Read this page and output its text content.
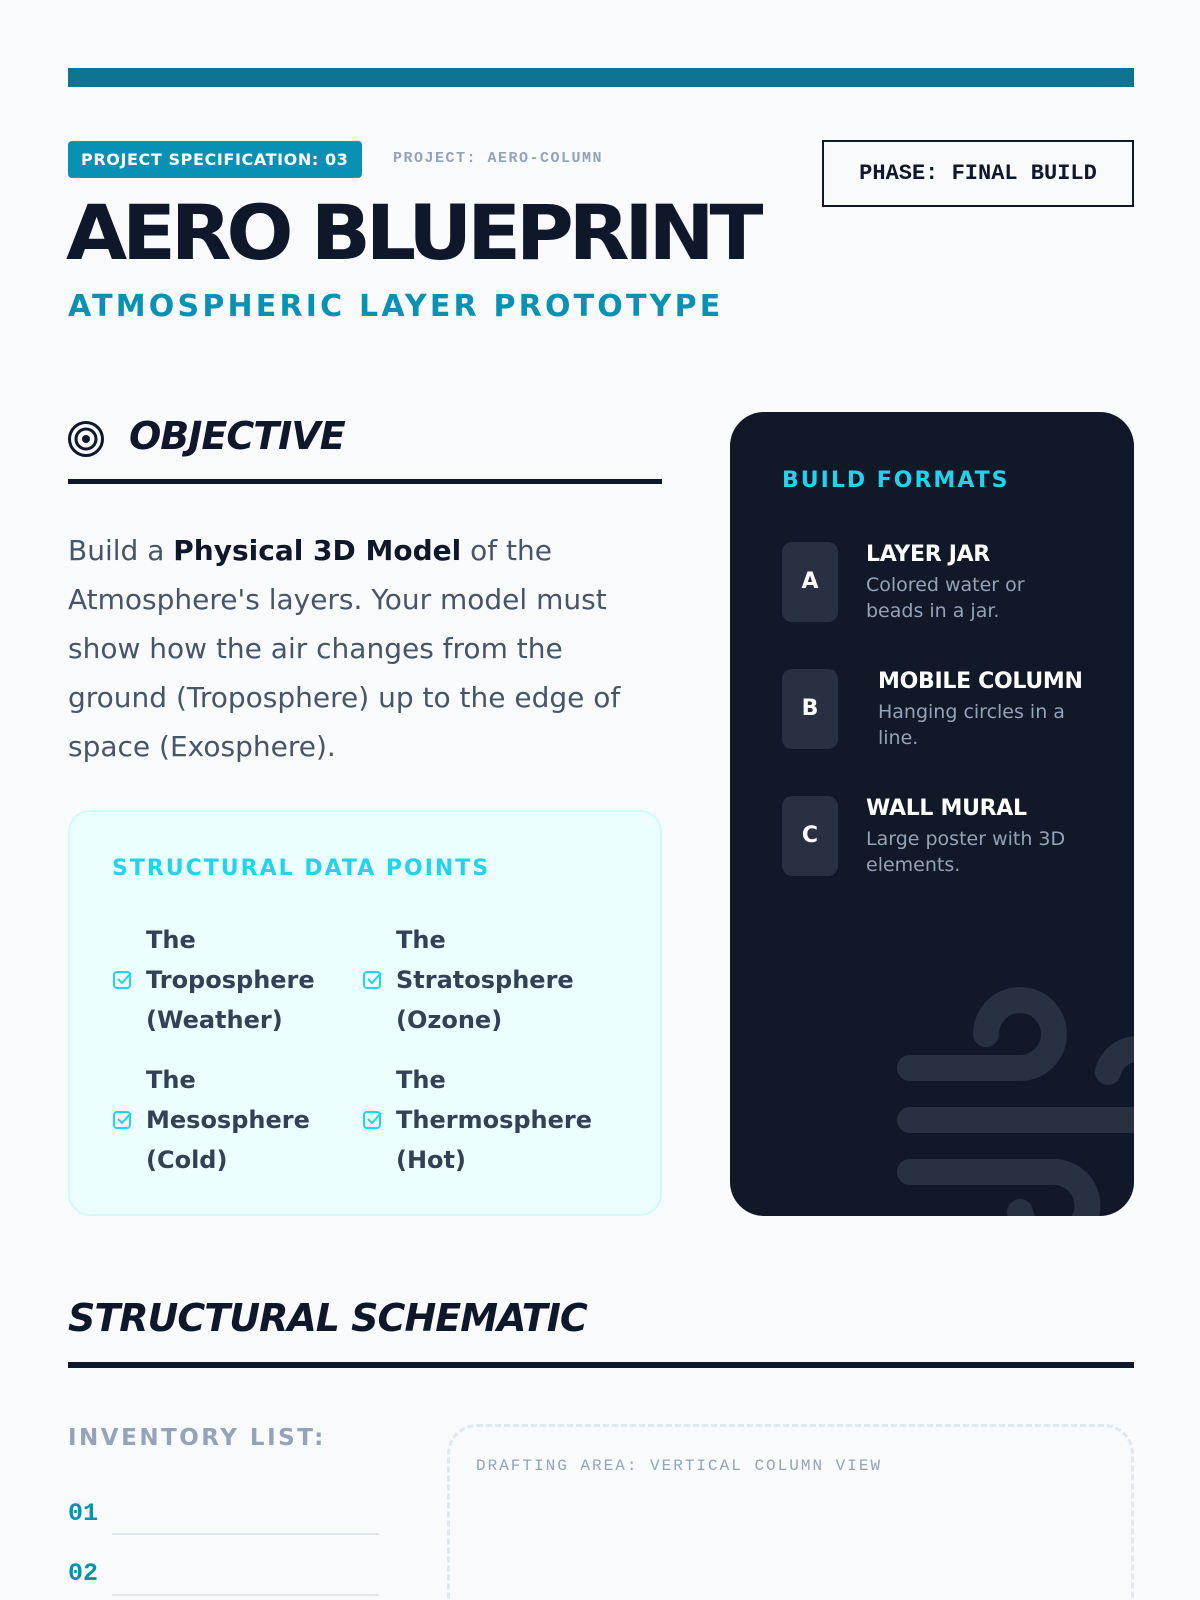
PROJECT SPECIFICATION: 03	PROJECT: AERO-COLUMN
PHASE: FINAL BUILD
AERO BLUEPRINT
ATMOSPHERIC LAYER PROTOTYPE
OBJECTIVE

Build a Physical 3D Model of the Atmosphere's layers. Your model must show how the air changes from the ground (Troposphere) up to the edge of space (Exosphere).

STRUCTURAL DATA POINTS
The Troposphere (Weather)
The Stratosphere (Ozone)
The Mesosphere (Cold)
The Thermosphere (Hot)
BUILD FORMATS
A
LAYER JAR
Colored water or beads in a jar.
B
MOBILE COLUMN
Hanging circles in a line.
C
WALL MURAL
Large poster with 3D elements.
STRUCTURAL SCHEMATIC
INVENTORY LIST:
01
02
DRAFTING AREA: VERTICAL COLUMN VIEW
